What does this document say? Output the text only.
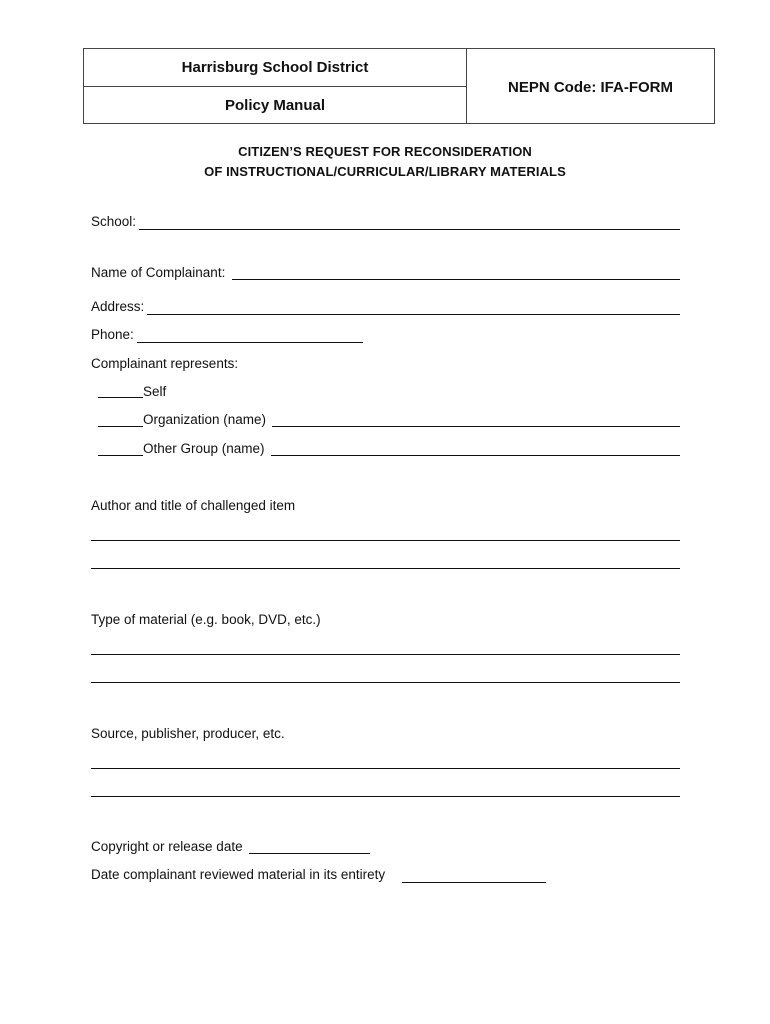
Harrisburg School District
Policy Manual
NEPN Code: IFA-FORM
CITIZEN’S REQUEST FOR RECONSIDERATION
OF INSTRUCTIONAL/CURRICULAR/LIBRARY MATERIALS
School:
Name of Complainant:
Address:
Phone:
Complainant represents:
Self
Organization (name)
Other Group (name)
Author and title of challenged item
Type of material (e.g. book, DVD, etc.)
Source, publisher, producer, etc.
Copyright or release date
Date complainant reviewed material in its entirety
